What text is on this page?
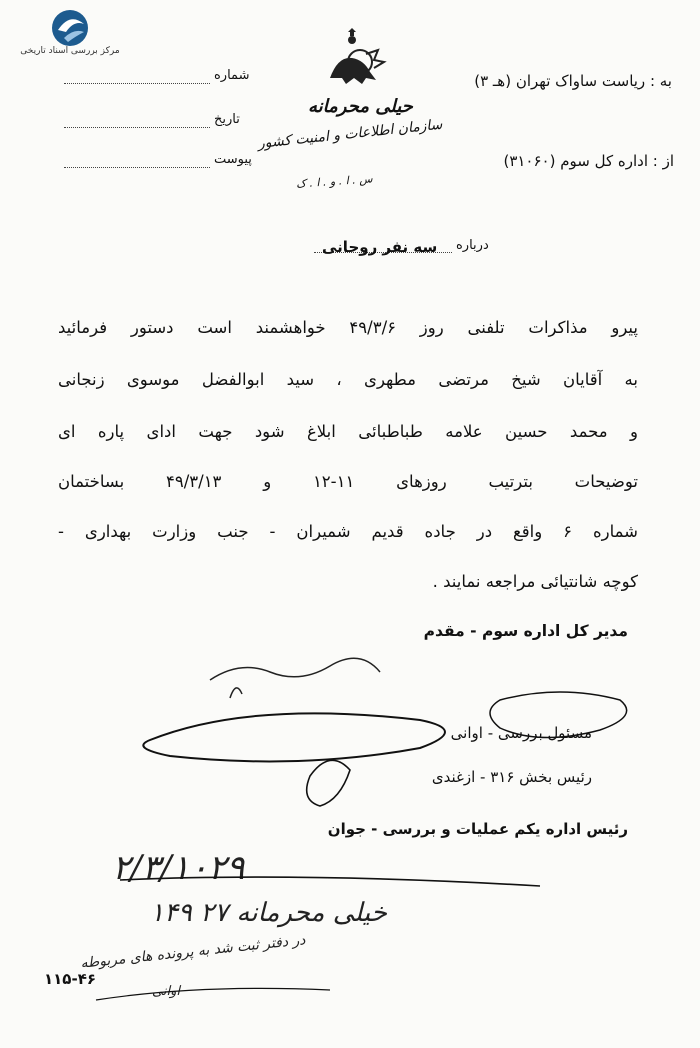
مرکز بررسی اسناد تاریخی
حیلی محرمانه
سازمان اطلاعات و امنیت کشور
س . ا . و . ا . ک
شماره
تاریخ
پیوست
به : ریاست ساواک تهران (هـ ۳)
از : اداره کل سوم (۳۱۰۶۰)
درباره
سه نفر روحانی
پیرو مذاکرات تلفنی روز ۴۹/۳/۶ خواهشمند است دستور فرمائید
به آقایان شیخ مرتضی مطهری ، سید ابوالفضل موسوی زنجانی
و محمد حسین علامه طباطبائی ابلاغ شود جهت ادای پاره ای
توضیحات بترتیب روزهای ۱۱-۱۲ و ۴۹/۳/۱۳ بساختمان
شماره ۶ واقع در جاده قدیم شمیران - جنب وزارت بهداری -
کوچه شانتیائی مراجعه نمایند .
مدیر کل اداره سوم - مقدم
مسئول بررسی - اوانی
رئیس بخش ۳۱۶ - ازغندی
رئیس اداره یکم عملیات و بررسی - جوان
۲/۳/۱۰۲۹
خیلی محرمانه ۲۷ ۱۴۹
در دفتر ثبت شد به پرونده های مربوطه
اوانی
۱۱۵-۴۶
